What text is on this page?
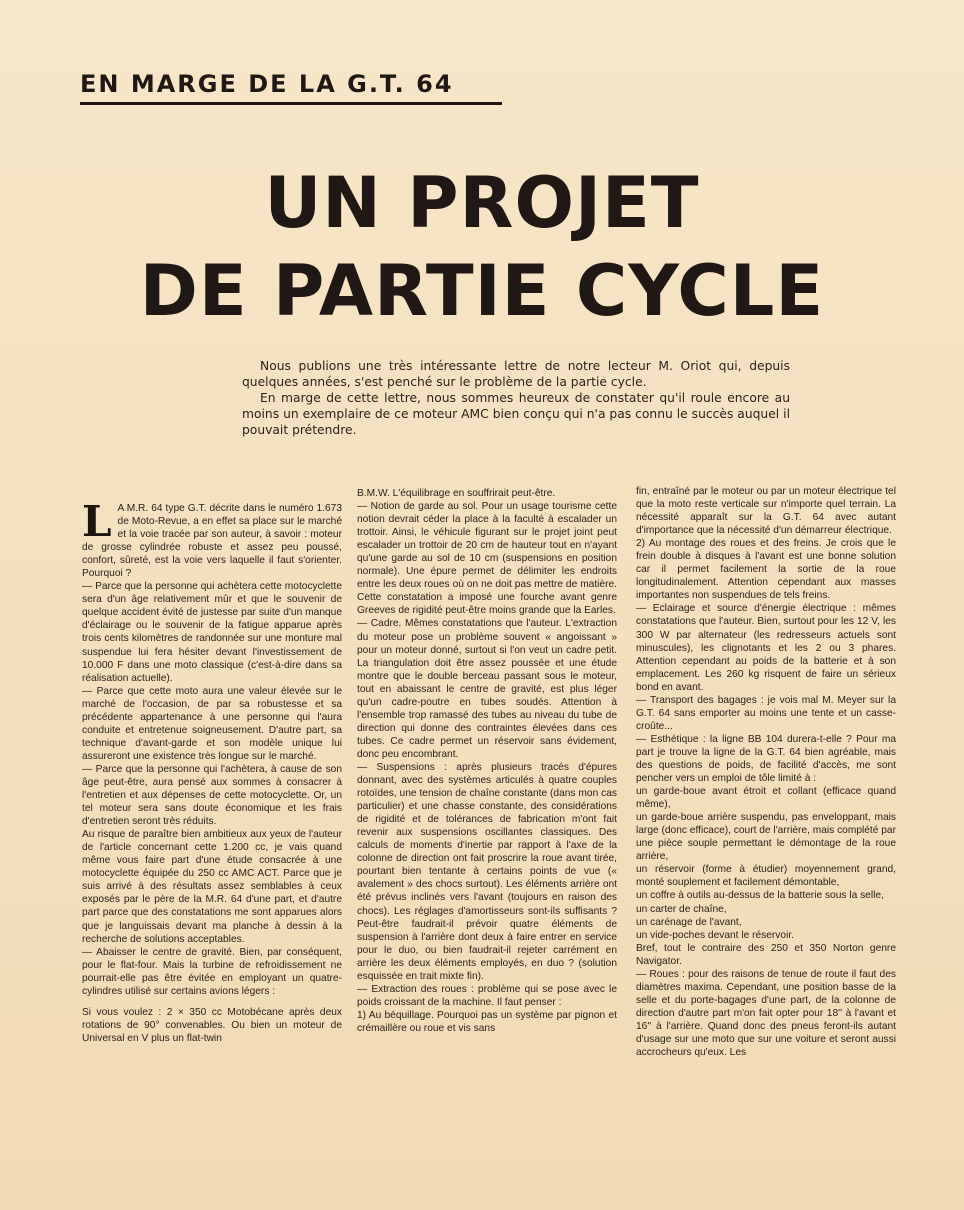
EN MARGE DE LA G.T. 64
UN PROJET
DE PARTIE CYCLE

Nous publions une très intéressante lettre de notre lecteur M. Oriot qui, depuis quelques années, s'est penché sur le problème de la partie cycle.

En marge de cette lettre, nous sommes heureux de constater qu'il roule encore au moins un exemplaire de ce moteur AMC bien conçu qui n'a pas connu le succès auquel il pouvait prétendre.

L A M.R. 64 type G.T. décrite dans le numéro 1.673 de Moto-Revue, a en effet sa place sur le marché et la voie tracée par son auteur, à savoir : moteur de grosse cylindrée robuste et assez peu poussé, confort, sûreté, est la voie vers laquelle il faut s'orienter. Pourquoi ?

— Parce que la personne qui achètera cette motocyclette sera d'un âge relativement mûr et que le souvenir de quelque accident évité de justesse par suite d'un manque d'éclairage ou le souvenir de la fatigue apparue après trois cents kilomètres de randonnée sur une monture mal suspendue lui fera hésiter devant l'investissement de 10.000 F dans une moto classique (c'est-à-dire dans sa réalisation actuelle).

— Parce que cette moto aura une valeur élevée sur le marché de l'occasion, de par sa robustesse et sa précédente appartenance à une personne qui l'aura conduite et entretenue soigneusement. D'autre part, sa technique d'avant-garde et son modèle unique lui assureront une existence très longue sur le marché.

— Parce que la personne qui l'achètera, à cause de son âge peut-être, aura pensé aux sommes à consacrer à l'entretien et aux dépenses de cette motocyclette. Or, un tel moteur sera sans doute économique et les frais d'entretien seront très réduits.

Au risque de paraître bien ambitieux aux yeux de l'auteur de l'article concernant cette 1.200 cc, je vais quand même vous faire part d'une étude consacrée à une motocyclette équipée du 250 cc AMC ACT. Parce que je suis arrivé à des résultats assez semblables à ceux exposés par le père de la M.R. 64 d'une part, et d'autre part parce que des constatations me sont apparues alors que je languissais devant ma planche à dessin à la recherche de solutions acceptables.

— Abaisser le centre de gravité. Bien, par conséquent, pour le flat-four. Mais la turbine de refroidissement ne pourrait-elle pas être évitée en employant un quatre-cylindres utilisé sur certains avions légers :

Si vous voulez : 2 × 350 cc Motobécane après deux rotations de 90° convenables. Ou bien un moteur de Universal en V plus un flat-twin

B.M.W. L'équilibrage en souffrirait peut-être.

— Notion de garde au sol. Pour un usage tourisme cette notion devrait céder la place à la faculté à escalader un trottoir. Ainsi, le véhicule figurant sur le projet joint peut escalader un trottoir de 20 cm de hauteur tout en n'ayant qu'une garde au sol de 10 cm (suspensions en position normale). Une épure permet de délimiter les endroits entre les deux roues où on ne doit pas mettre de matière. Cette constatation a imposé une fourche avant genre Greeves de rigidité peut-être moins grande que la Earles.

— Cadre. Mêmes constatations que l'auteur. L'extraction du moteur pose un problème souvent « angoissant » pour un moteur donné, surtout si l'on veut un cadre petit. La triangulation doit être assez poussée et une étude montre que le double berceau passant sous le moteur, tout en abaissant le centre de gravité, est plus léger qu'un cadre-poutre en tubes soudés. Attention à l'ensemble trop ramassé des tubes au niveau du tube de direction qui donne des contraintes élevées dans ces tubes. Ce cadre permet un réservoir sans évidement, donc peu encombrant.

— Suspensions : après plusieurs tracés d'épures donnant, avec des systèmes articulés à quatre couples rotoïdes, une tension de chaîne constante (dans mon cas particulier) et une chasse constante, des considérations de rigidité et de tolérances de fabrication m'ont fait revenir aux suspensions oscillantes classiques. Des calculs de moments d'inertie par rapport à l'axe de la colonne de direction ont fait proscrire la roue avant tirée, pourtant bien tentante à certains points de vue (« avalement » des chocs surtout). Les éléments arrière ont été prévus inclinés vers l'avant (toujours en raison des chocs). Les réglages d'amortisseurs sont-ils suffisants ? Peut-être faudrait-il prévoir quatre éléments de suspension à l'arrière dont deux à faire entrer en service pour le duo, ou bien faudrait-il rejeter carrément en arrière les deux éléments employés, en duo ? (solution esquissée en trait mixte fin).

— Extraction des roues : problème qui se pose avec le poids croissant de la machine. Il faut penser :

1) Au béquillage. Pourquoi pas un système par pignon et crémaillère ou roue et vis sans

fin, entraîné par le moteur ou par un moteur électrique tel que la moto reste verticale sur n'importe quel terrain. La nécessité apparaît sur la G.T. 64 avec autant d'importance que la nécessité d'un démarreur électrique.

2) Au montage des roues et des freins. Je crois que le frein double à disques à l'avant est une bonne solution car il permet facilement la sortie de la roue longitudinalement. Attention cependant aux masses importantes non suspendues de tels freins.

— Eclairage et source d'énergie électrique : mêmes constatations que l'auteur. Bien, surtout pour les 12 V, les 300 W par alternateur (les redresseurs actuels sont minuscules), les clignotants et les 2 ou 3 phares. Attention cependant au poids de la batterie et à son emplacement. Les 260 kg risquent de faire un sérieux bond en avant.

— Transport des bagages : je vois mal M. Meyer sur la G.T. 64 sans emporter au moins une tente et un casse-croûte...

— Esthétique : la ligne BB 104 durera-t-elle ? Pour ma part je trouve la ligne de la G.T. 64 bien agréable, mais des questions de poids, de facilité d'accès, me sont pencher vers un emploi de tôle limité à :

un garde-boue avant étroit et collant (efficace quand même),

un garde-boue arrière suspendu, pas enveloppant, mais large (donc efficace), court de l'arrière, mais complété par une pièce souple permettant le démontage de la roue arrière,

un réservoir (forme à étudier) moyennement grand, monté souplement et facilement démontable,

un coffre à outils au-dessus de la batterie sous la selle,

un carter de chaîne,

un carénage de l'avant,

un vide-poches devant le réservoir.

Bref, tout le contraire des 250 et 350 Norton genre Navigator.

— Roues : pour des raisons de tenue de route il faut des diamètres maxima. Cependant, une position basse de la selle et du porte-bagages d'une part, de la colonne de direction d'autre part m'on fait opter pour 18'' à l'avant et 16'' à l'arrière. Quand donc des pneus feront-ils autant d'usage sur une moto que sur une voiture et seront aussi accrocheurs qu'eux. Les
